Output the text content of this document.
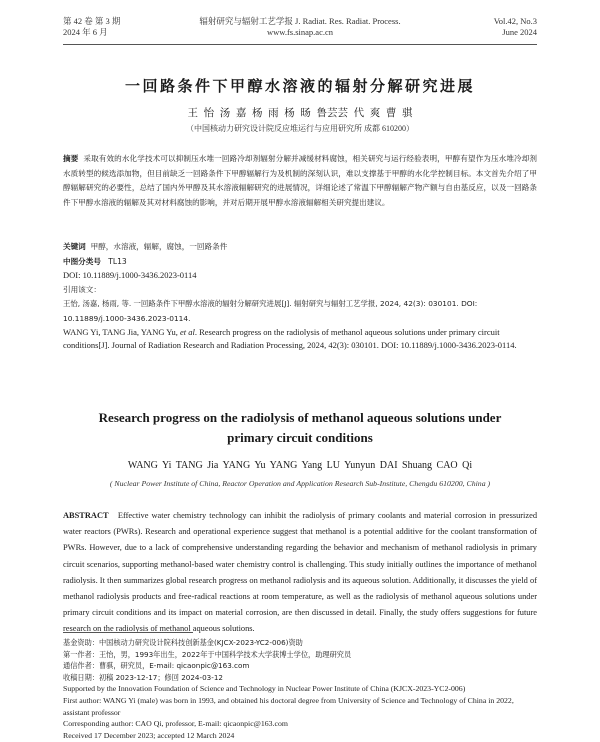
第 42 卷 第 3 期
2024 年 6 月
辐射研究与辐射工艺学报 J. Radiat. Res. Radiat. Process.
www.fs.sinap.ac.cn
Vol.42, No.3
June 2024
一回路条件下甲醇水溶液的辐射分解研究进展
王 怡 汤 嘉 杨 雨 杨 旸 鲁芸芸 代 爽 曹 骐
（中国核动力研究设计院反应堆运行与应用研究所 成都 610200）
摘要 采取有效的水化学技术可以抑制压水堆一回路冷却剂辐射分解并减缓材料腐蚀，相关研究与运行经验表明，甲醇有望作为压水堆冷却剂水质转型的候选添加物，但目前缺乏一回路条件下甲醇辐解行为及机制的深刻认识，难以支撑基于甲醇的水化学控制目标。本文首先介绍了甲醇辐解研究的必要性，总结了国内外甲醇及其水溶液辐解研究的进展情况，详细论述了常温下甲醇辐解产物产额与自由基反应，以及一回路条件下甲醇水溶液的辐解及其对材料腐蚀的影响，并对后期开展甲醇水溶液辐解相关研究提出建议。
关键词 甲醇，水溶液，辐解，腐蚀，一回路条件
中图分类号 TL13
DOI: 10.11889/j.1000-3436.2023-0114
引用该文：
王怡, 汤嘉, 杨雨, 等. 一回路条件下甲醇水溶液的辐射分解研究进展[J]. 辐射研究与辐射工艺学报, 2024, 42(3): 030101. DOI: 10.11889/j.1000-3436.2023-0114.
WANG Yi, TANG Jia, YANG Yu, et al. Research progress on the radiolysis of methanol aqueous solutions under primary circuit conditions[J]. Journal of Radiation Research and Radiation Processing, 2024, 42(3): 030101. DOI: 10.11889/j.1000-3436.2023-0114.
Research progress on the radiolysis of methanol aqueous solutions under primary circuit conditions
WANG Yi TANG Jia YANG Yu YANG Yang LU Yunyun DAI Shuang CAO Qi
( Nuclear Power Institute of China, Reactor Operation and Application Research Sub-Institute, Chengdu 610200, China )
ABSTRACT Effective water chemistry technology can inhibit the radiolysis of primary coolants and material corrosion in pressurized water reactors (PWRs). Research and operational experience suggest that methanol is a potential additive for the coolant transformation of PWRs. However, due to a lack of comprehensive understanding regarding the behavior and mechanism of methanol radiolysis in primary circuit scenarios, supporting methanol-based water chemistry control is challenging. This study initially outlines the importance of methanol radiolysis. It then summarizes global research progress on methanol radiolysis and its aqueous solution. Additionally, it discusses the yield of methanol radiolysis products and free-radical reactions at room temperature, as well as the radiolysis of methanol aqueous solutions under primary circuit conditions and its impact on material corrosion, are then discussed in detail. Finally, the study offers suggestions for future research on the radiolysis of methanol aqueous solutions.
基金资助：中国核动力研究设计院科技创新基金(KJCX-2023-YC2-006)资助
第一作者：王怡，男，1993年出生，2022年于中国科学技术大学获博士学位，助理研究员
通信作者：曹骐，研究员，E-mail: qicaonpic@163.com
收稿日期：初稿 2023-12-17；修回 2024-03-12
Supported by the Innovation Foundation of Science and Technology in Nuclear Power Institute of China (KJCX-2023-YC2-006)
First author: WANG Yi (male) was born in 1993, and obtained his doctoral degree from University of Science and Technology of China in 2022, assistant professor
Corresponding author: CAO Qi, professor, E-mail: qicaonpic@163.com
Received 17 December 2023; accepted 12 March 2024
